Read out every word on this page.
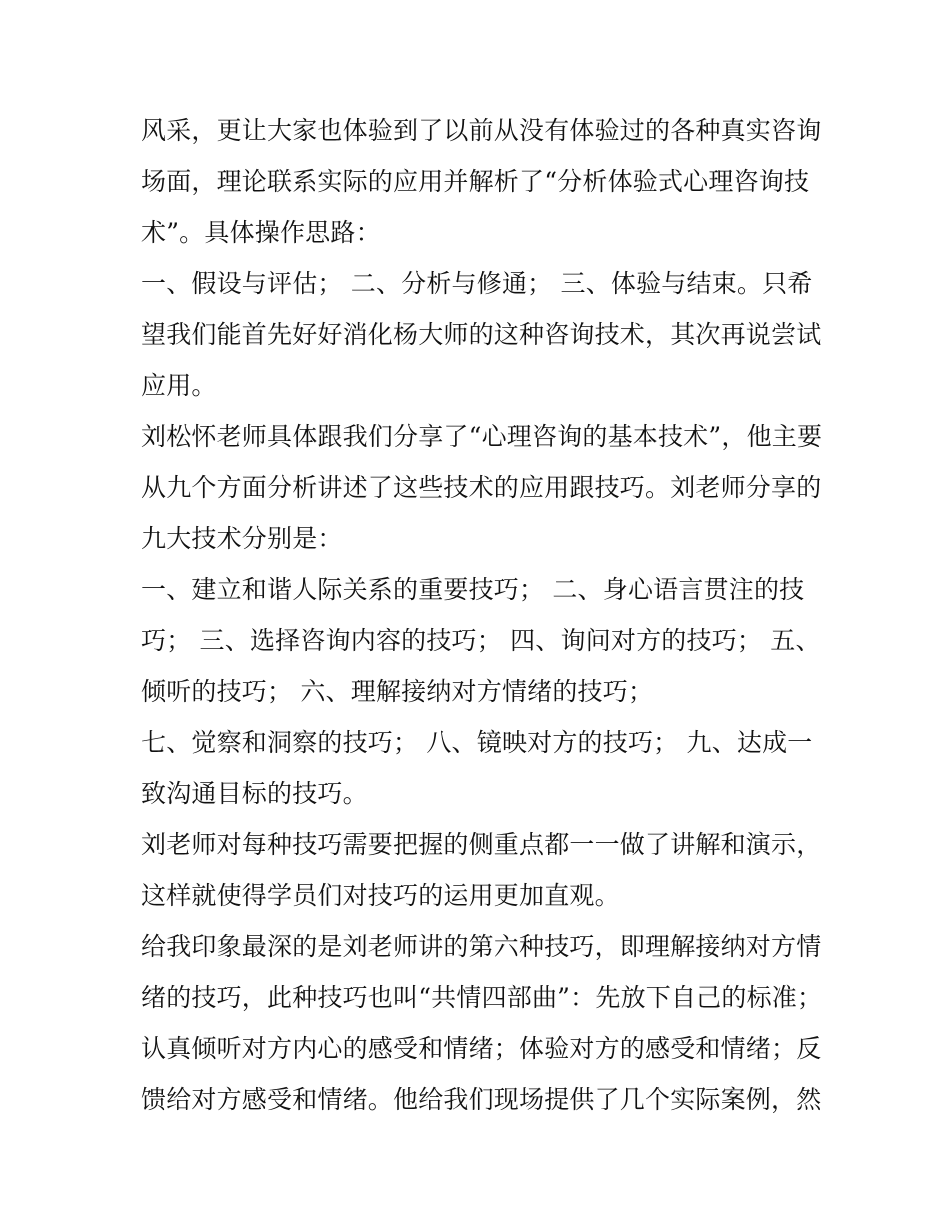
风采，更让大家也体验到了以前从没有体验过的各种真实咨询
场面，理论联系实际的应用并解析了“分析体验式心理咨询技
术”。具体操作思路：
一、假设与评估； 二、分析与修通； 三、体验与结束。只希
望我们能首先好好消化杨大师的这种咨询技术，其次再说尝试
应用。
刘松怀老师具体跟我们分享了“心理咨询的基本技术”，他主要
从九个方面分析讲述了这些技术的应用跟技巧。刘老师分享的
九大技术分别是：
一、建立和谐人际关系的重要技巧； 二、身心语言贯注的技
巧； 三、选择咨询内容的技巧； 四、询问对方的技巧； 五、
倾听的技巧； 六、理解接纳对方情绪的技巧；
七、觉察和洞察的技巧； 八、镜映对方的技巧； 九、达成一
致沟通目标的技巧。
刘老师对每种技巧需要把握的侧重点都一一做了讲解和演示，
这样就使得学员们对技巧的运用更加直观。
给我印象最深的是刘老师讲的第六种技巧，即理解接纳对方情
绪的技巧，此种技巧也叫“共情四部曲”：先放下自己的标准；
认真倾听对方内心的感受和情绪；体验对方的感受和情绪；反
馈给对方感受和情绪。他给我们现场提供了几个实际案例，然
